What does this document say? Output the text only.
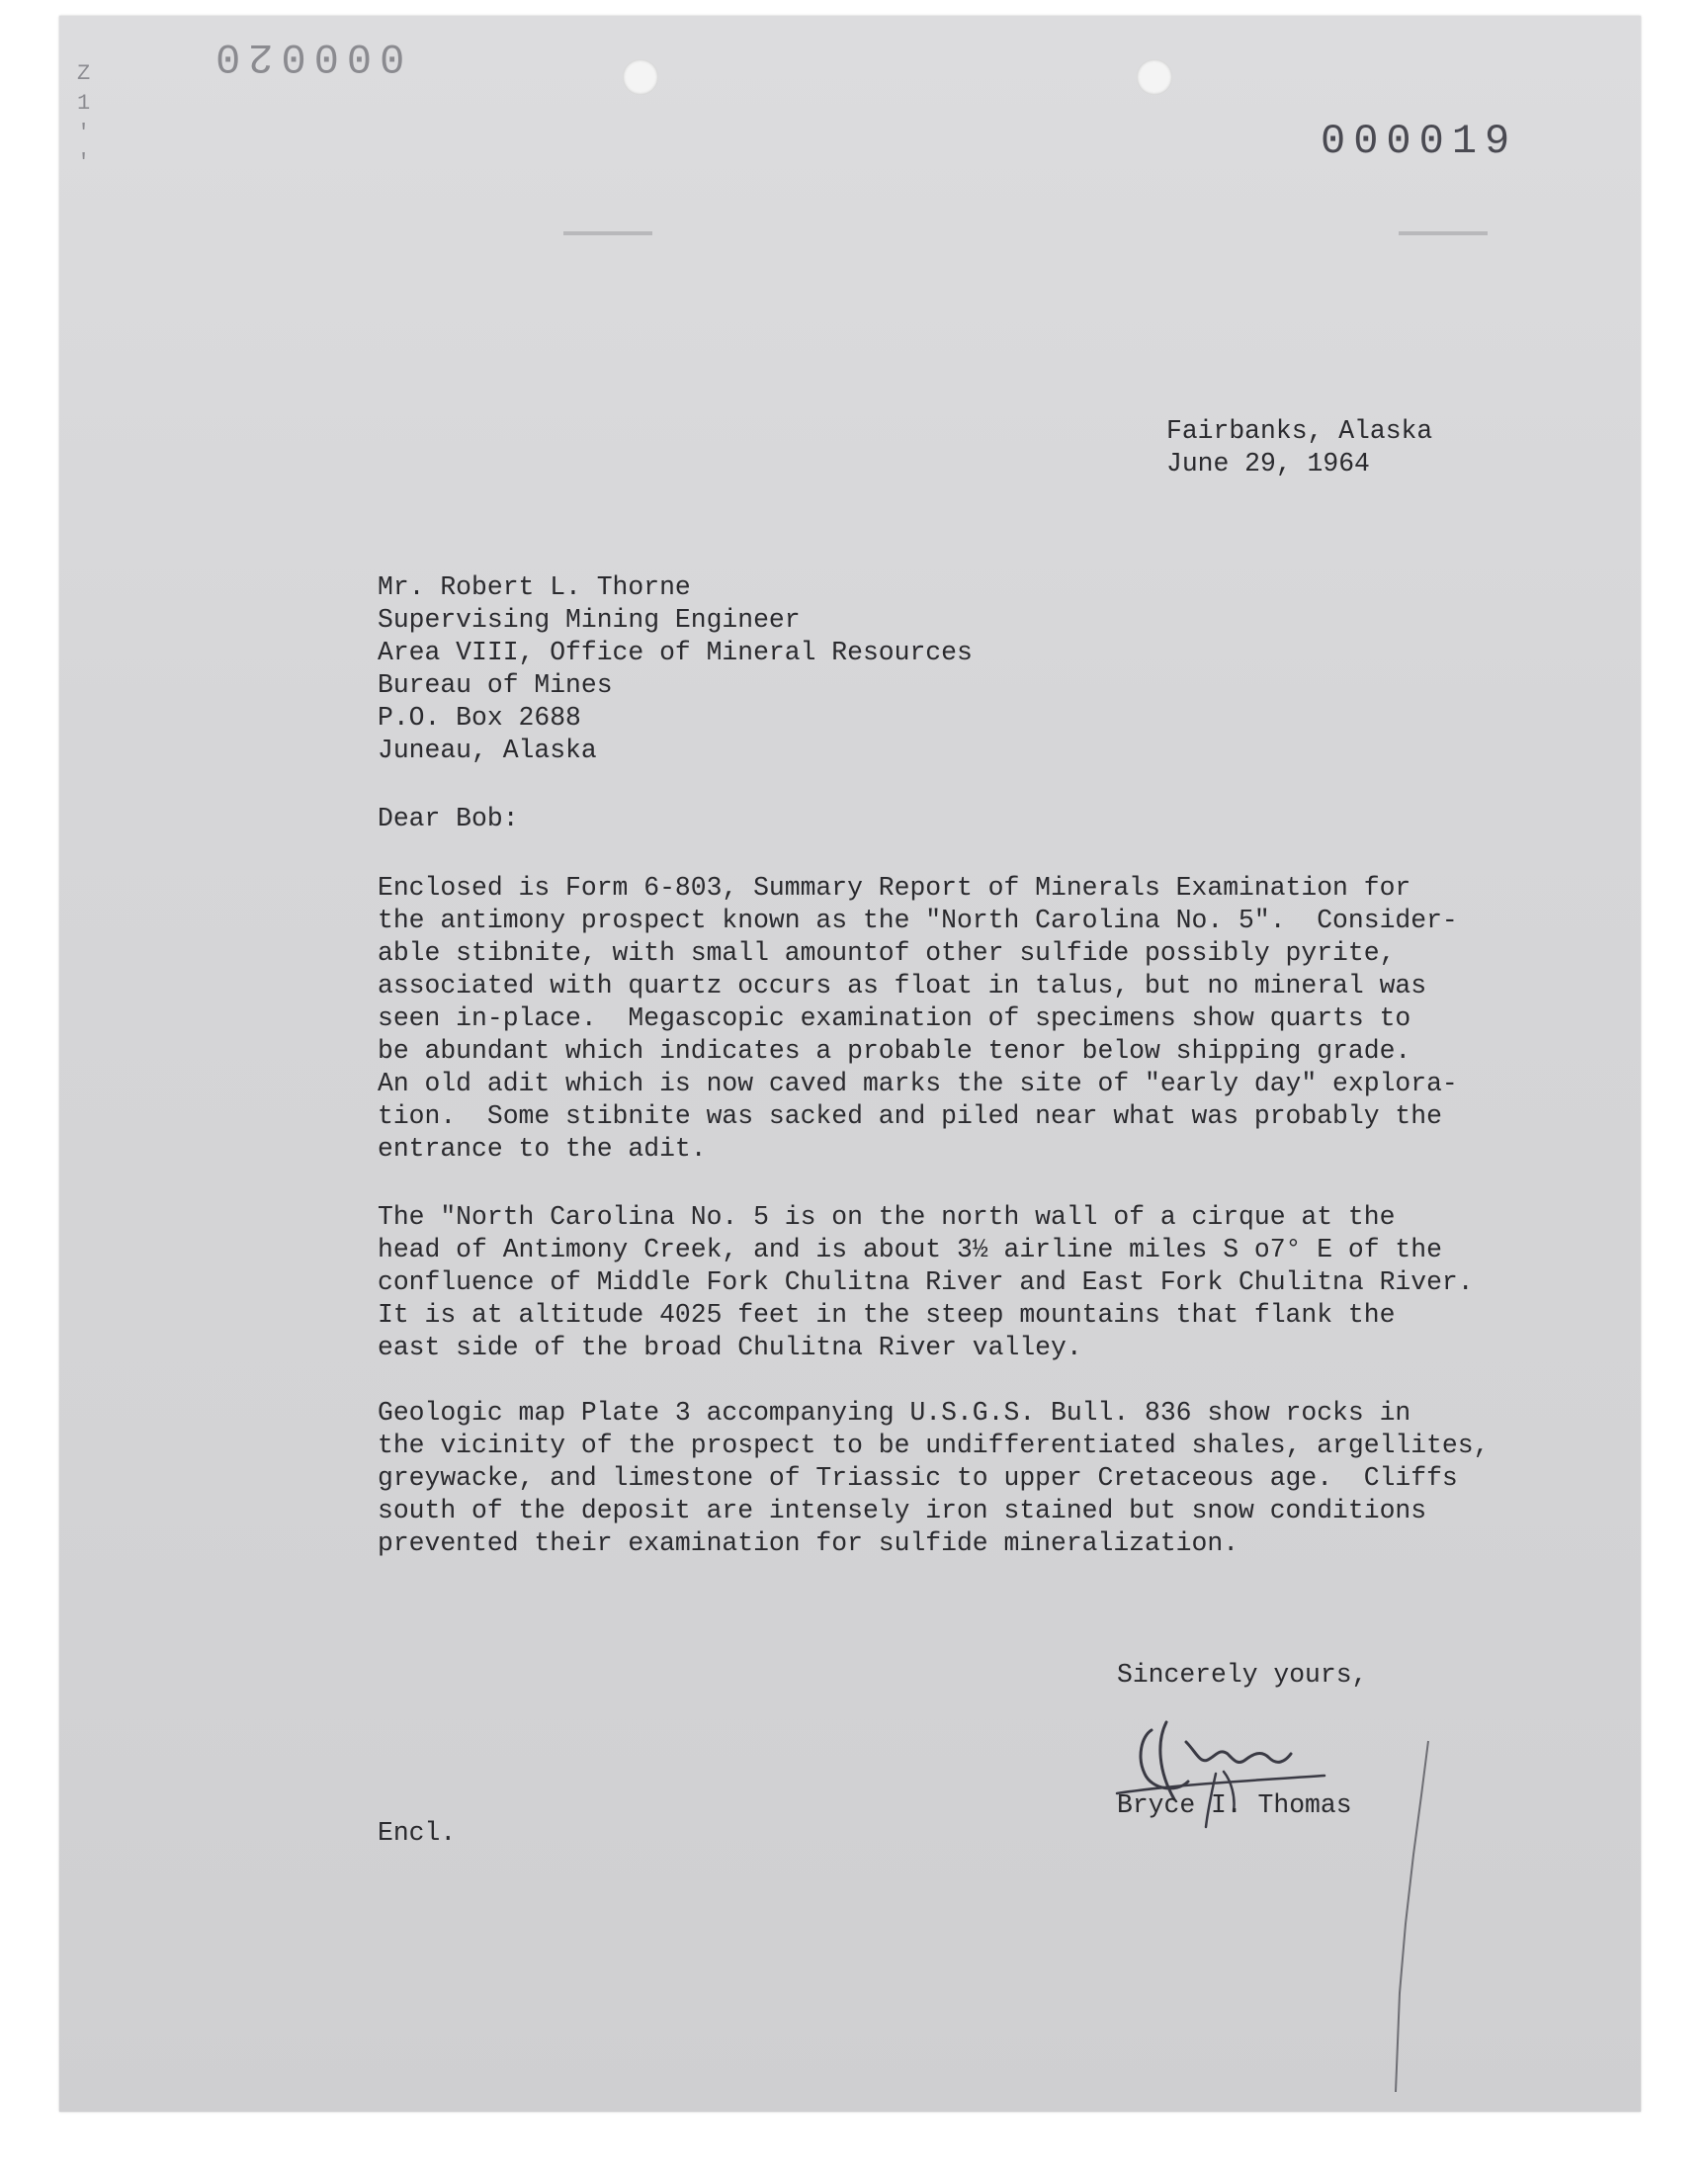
000020
000019
Z
1
'
'
Fairbanks, Alaska
June 29, 1964
Mr. Robert L. Thorne
Supervising Mining Engineer
Area VIII, Office of Mineral Resources
Bureau of Mines
P.O. Box 2688
Juneau, Alaska
Dear Bob:
Enclosed is Form 6-803, Summary Report of Minerals Examination for
the antimony prospect known as the "North Carolina No. 5".  Consider-
able stibnite, with small amountof other sulfide possibly pyrite,
associated with quartz occurs as float in talus, but no mineral was
seen in-place.  Megascopic examination of specimens show quarts to
be abundant which indicates a probable tenor below shipping grade.
An old adit which is now caved marks the site of "early day" explora-
tion.  Some stibnite was sacked and piled near what was probably the
entrance to the adit.
The "North Carolina No. 5 is on the north wall of a cirque at the
head of Antimony Creek, and is about 3½ airline miles S o7° E of the
confluence of Middle Fork Chulitna River and East Fork Chulitna River.
It is at altitude 4025 feet in the steep mountains that flank the
east side of the broad Chulitna River valley.
Geologic map Plate 3 accompanying U.S.G.S. Bull. 836 show rocks in
the vicinity of the prospect to be undifferentiated shales, argellites,
greywacke, and limestone of Triassic to upper Cretaceous age.  Cliffs
south of the deposit are intensely iron stained but snow conditions
prevented their examination for sulfide mineralization.
Sincerely yours,
Bryce I. Thomas
Encl.
